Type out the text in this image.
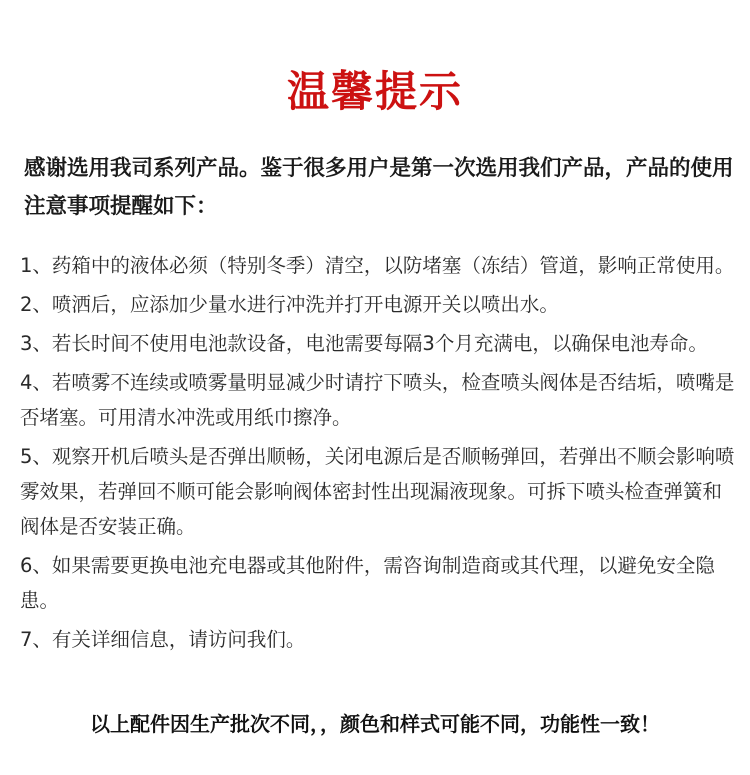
温馨提示
感谢选用我司系列产品。鉴于很多用户是第一次选用我们产品，产品的使用注意事项提醒如下：
1、药箱中的液体必须（特别冬季）清空，以防堵塞（冻结）管道，影响正常使用。
2、喷洒后，应添加少量水进行冲洗并打开电源开关以喷出水。
3、若长时间不使用电池款设备，电池需要每隔3个月充满电，以确保电池寿命。
4、若喷雾不连续或喷雾量明显减少时请拧下喷头，检查喷头阀体是否结垢，喷嘴是否堵塞。可用清水冲洗或用纸巾擦净。
5、观察开机后喷头是否弹出顺畅，关闭电源后是否顺畅弹回，若弹出不顺会影响喷雾效果，若弹回不顺可能会影响阀体密封性出现漏液现象。可拆下喷头检查弹簧和阀体是否安装正确。
6、如果需要更换电池充电器或其他附件，需咨询制造商或其代理，以避免安全隐患。
7、有关详细信息，请访问我们。
以上配件因生产批次不同，，颜色和样式可能不同，功能性一致！
